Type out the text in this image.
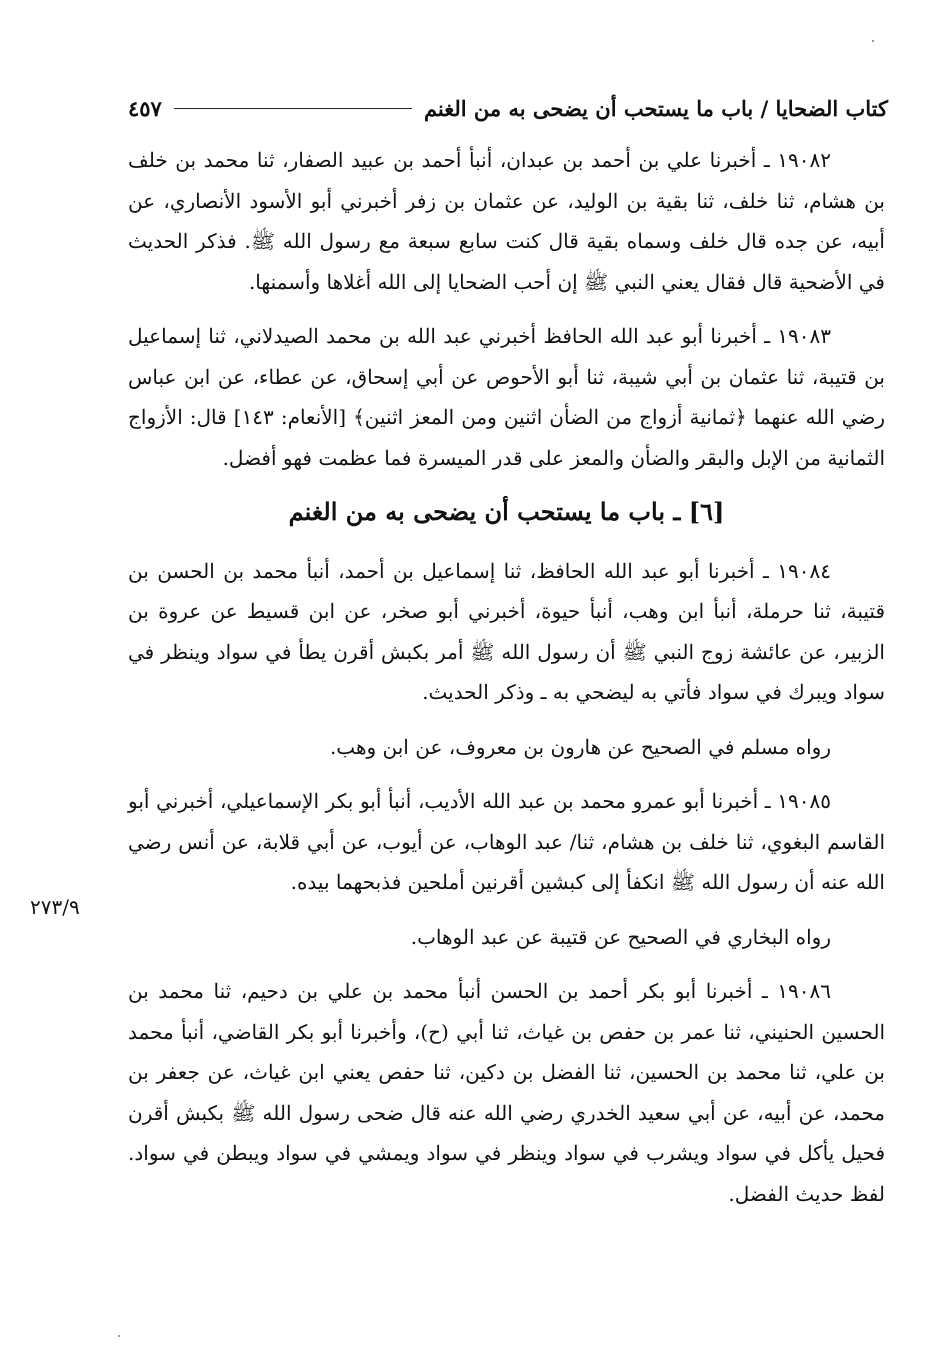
كتاب الضحايا / باب ما يستحب أن يضحى به من الغنم
٤٥٧

١٩٠٨٢ ـ أخبرنا علي بن أحمد بن عبدان، أنبأ أحمد بن عبيد الصفار، ثنا محمد بن خلف بن هشام، ثنا خلف، ثنا بقية بن الوليد، عن عثمان بن زفر أخبرني أبو الأسود الأنصاري، عن أبيه، عن جده قال خلف وسماه بقية قال كنت سابع سبعة مع رسول الله ﷺ. فذكر الحديث في الأضحية قال فقال يعني النبي ﷺ إن أحب الضحايا إلى الله أغلاها وأسمنها.

١٩٠٨٣ ـ أخبرنا أبو عبد الله الحافظ أخبرني عبد الله بن محمد الصيدلاني، ثنا إسماعيل بن قتيبة، ثنا عثمان بن أبي شيبة، ثنا أبو الأحوص عن أبي إسحاق، عن عطاء، عن ابن عباس رضي الله عنهما ﴿ثمانية أزواج من الضأن اثنين ومن المعز اثنين﴾ [الأنعام: ١٤٣] قال: الأزواج الثمانية من الإبل والبقر والضأن والمعز على قدر الميسرة فما عظمت فهو أفضل.

[٦] ـ باب ما يستحب أن يضحى به من الغنم

١٩٠٨٤ ـ أخبرنا أبو عبد الله الحافظ، ثنا إسماعيل بن أحمد، أنبأ محمد بن الحسن بن قتيبة، ثنا حرملة، أنبأ ابن وهب، أنبأ حيوة، أخبرني أبو صخر، عن ابن قسيط عن عروة بن الزبير، عن عائشة زوج النبي ﷺ أن رسول الله ﷺ أمر بكبش أقرن يطأ في سواد وينظر في سواد ويبرك في سواد فأتي به ليضحي به ـ وذكر الحديث.

رواه مسلم في الصحيح عن هارون بن معروف، عن ابن وهب.

١٩٠٨٥ ـ أخبرنا أبو عمرو محمد بن عبد الله الأديب، أنبأ أبو بكر الإسماعيلي، أخبرني أبو القاسم البغوي، ثنا خلف بن هشام، ثنا/ عبد الوهاب، عن أيوب، عن أبي قلابة، عن أنس رضي الله عنه أن رسول الله ﷺ انكفأ إلى كبشين أقرنين أملحين فذبحهما بيده.

رواه البخاري في الصحيح عن قتيبة عن عبد الوهاب.

١٩٠٨٦ ـ أخبرنا أبو بكر أحمد بن الحسن أنبأ محمد بن علي بن دحيم، ثنا محمد بن الحسين الحنيني، ثنا عمر بن حفص بن غياث، ثنا أبي (ح)، وأخبرنا أبو بكر القاضي، أنبأ محمد بن علي، ثنا محمد بن الحسين، ثنا الفضل بن دكين، ثنا حفص يعني ابن غياث، عن جعفر بن محمد، عن أبيه، عن أبي سعيد الخدري رضي الله عنه قال ضحى رسول الله ﷺ بكبش أقرن فحيل يأكل في سواد ويشرب في سواد وينظر في سواد ويمشي في سواد ويبطن في سواد. لفظ حديث الفضل.

٢٧٣/٩
